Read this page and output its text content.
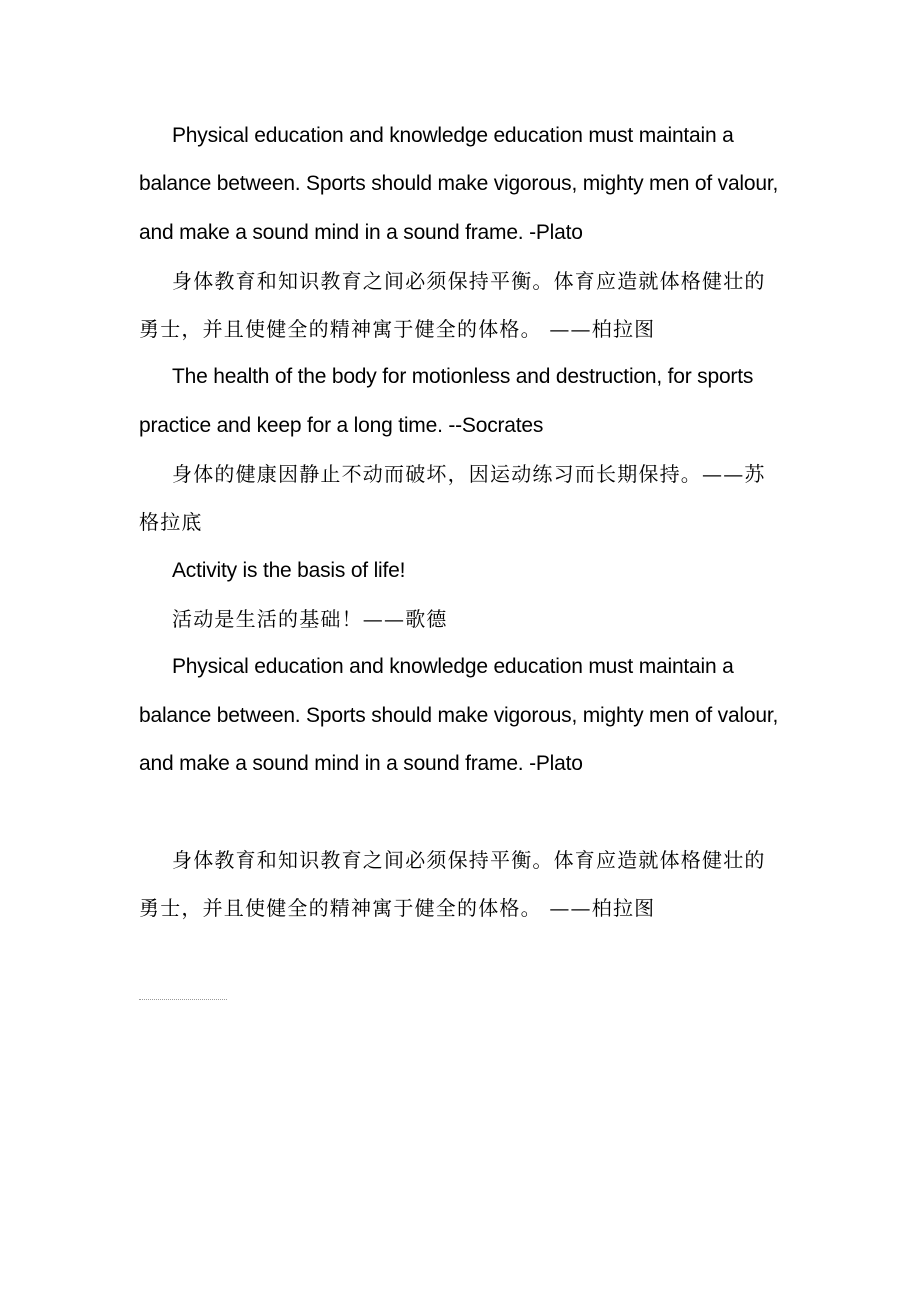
Physical education and knowledge education must maintain a balance between. Sports should make vigorous, mighty men of valour, and make a sound mind in a sound frame. -Plato

身体教育和知识教育之间必须保持平衡。体育应造就体格健壮的勇士，并且使健全的精神寓于健全的体格。 ——柏拉图

The health of the body for motionless and destruction, for sports practice and keep for a long time. --Socrates

身体的健康因静止不动而破坏，因运动练习而长期保持。——苏格拉底

Activity is the basis of life!

活动是生活的基础！——歌德

Physical education and knowledge education must maintain a balance between. Sports should make vigorous, mighty men of valour, and make a sound mind in a sound frame. -Plato

身体教育和知识教育之间必须保持平衡。体育应造就体格健壮的勇士，并且使健全的精神寓于健全的体格。 ——柏拉图
